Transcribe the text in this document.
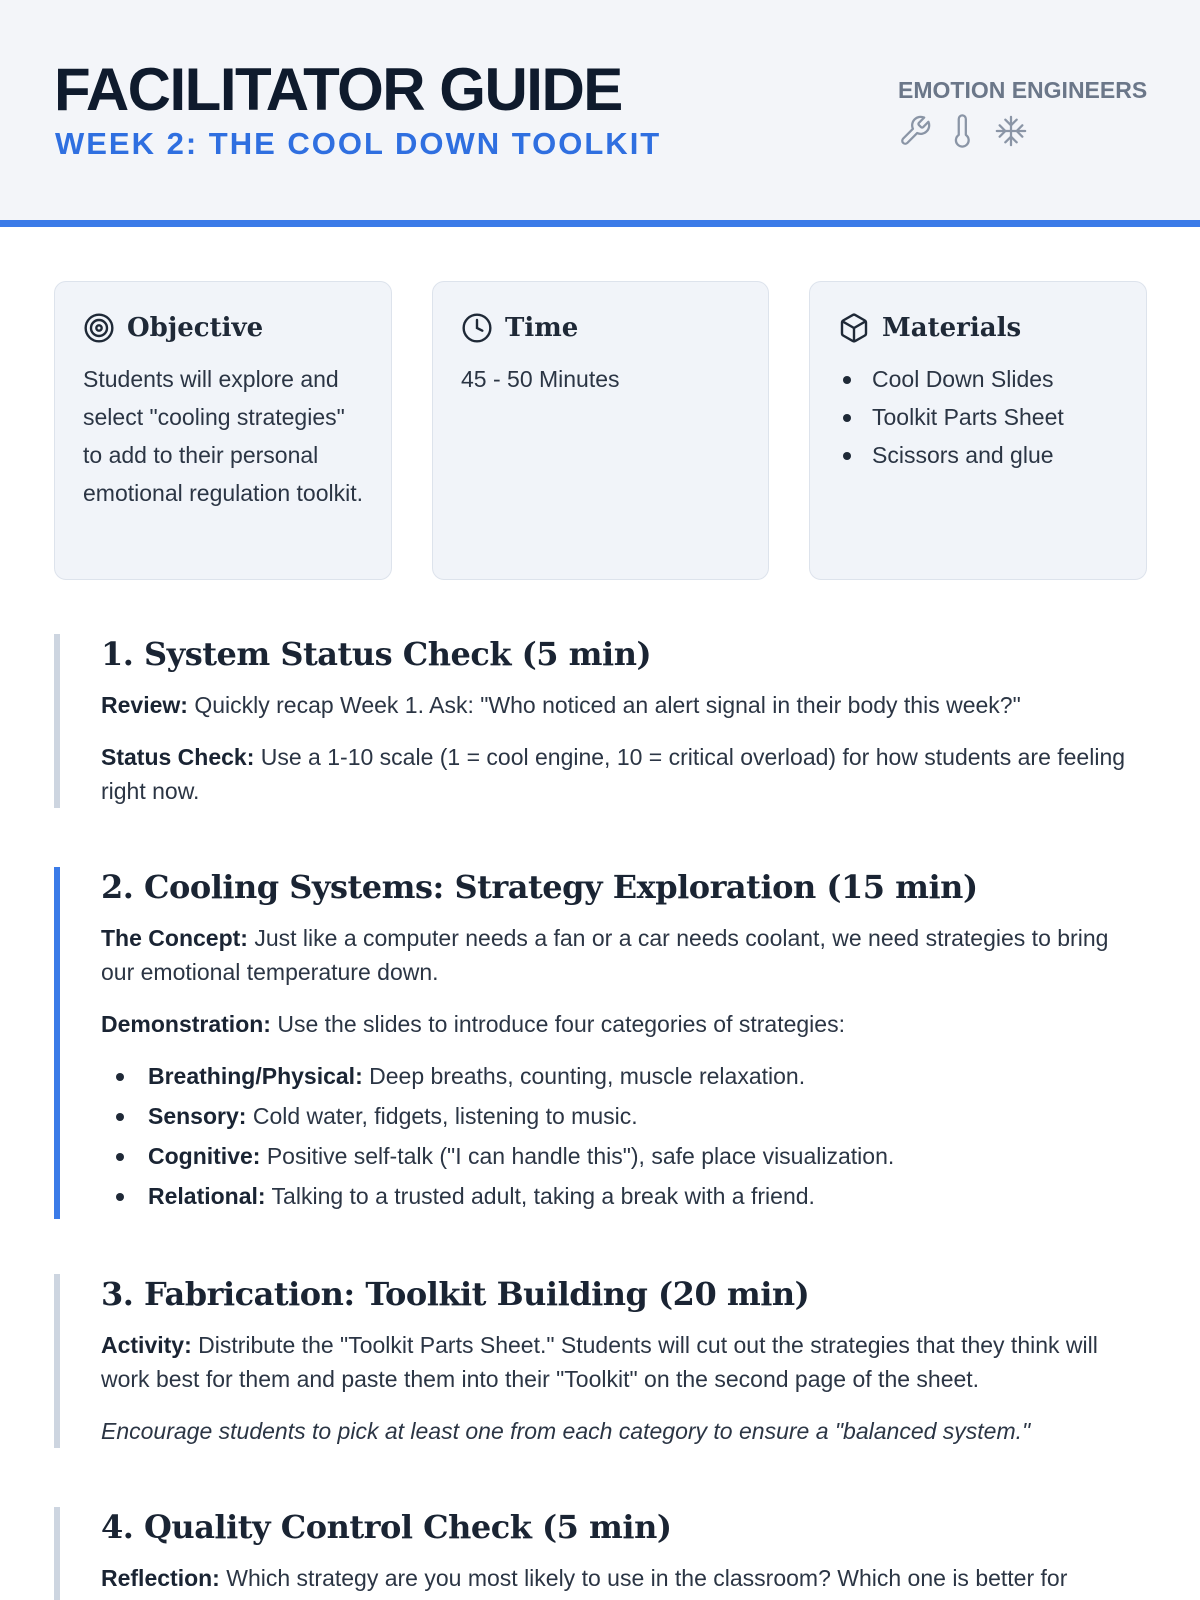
FACILITATOR GUIDE
WEEK 2: THE COOL DOWN TOOLKIT
EMOTION ENGINEERS
Objective
Students will explore and select "cooling strategies" to add to their personal emotional regulation toolkit.
Time
45 - 50 Minutes
Materials
Cool Down Slides
Toolkit Parts Sheet
Scissors and glue
1. System Status Check (5 min)

Review: Quickly recap Week 1. Ask: "Who noticed an alert signal in their body this week?"

Status Check: Use a 1-10 scale (1 = cool engine, 10 = critical overload) for how students are feeling right now.

2. Cooling Systems: Strategy Exploration (15 min)

The Concept: Just like a computer needs a fan or a car needs coolant, we need strategies to bring our emotional temperature down.

Demonstration: Use the slides to introduce four categories of strategies:

Breathing/Physical: Deep breaths, counting, muscle relaxation.
Sensory: Cold water, fidgets, listening to music.
Cognitive: Positive self-talk ("I can handle this"), safe place visualization.
Relational: Talking to a trusted adult, taking a break with a friend.
3. Fabrication: Toolkit Building (20 min)

Activity: Distribute the "Toolkit Parts Sheet." Students will cut out the strategies that they think will work best for them and paste them into their "Toolkit" on the second page of the sheet.

Encourage students to pick at least one from each category to ensure a "balanced system."

4. Quality Control Check (5 min)

Reflection: Which strategy are you most likely to use in the classroom? Which one is better for
